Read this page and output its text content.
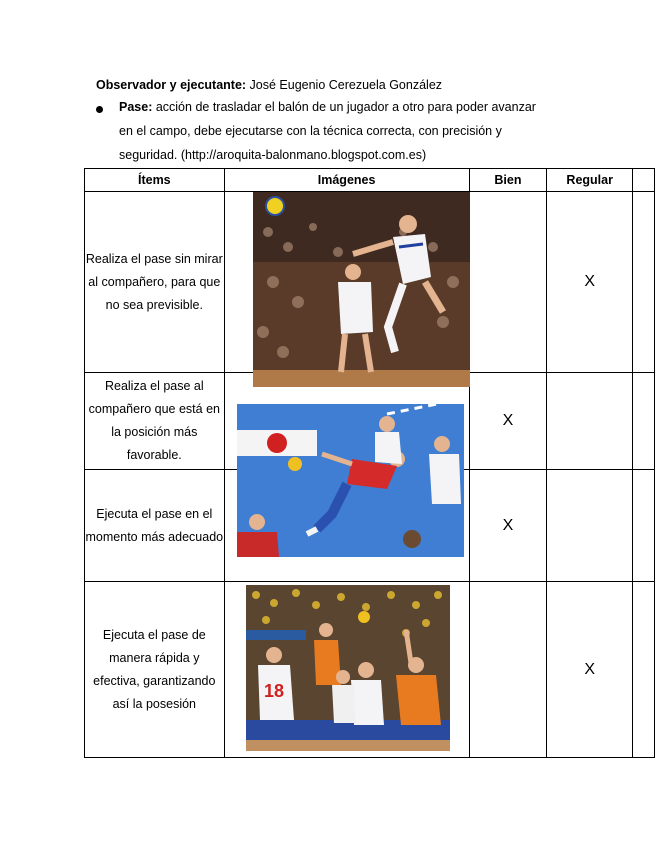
Observador y ejecutante: José Eugenio Cerezuela González
Pase: acción de trasladar el balón de un jugador a otro para poder avanzar
en el campo, debe ejecutarse con la técnica correcta, con precisión y
seguridad. (http://aroquita-balonmano.blogspot.com.es)
Ítems	Imágenes	Bien	Regular	
Realiza el pase sin mirar al compañero, para que no sea previsible.			X	
Realiza el pase al compañero que está en la posición más favorable.		X		
Ejecuta el pase en el momento más adecuado		X		
Ejecuta el pase de manera rápida y efectiva, garantizando así la posesión			X	
18
